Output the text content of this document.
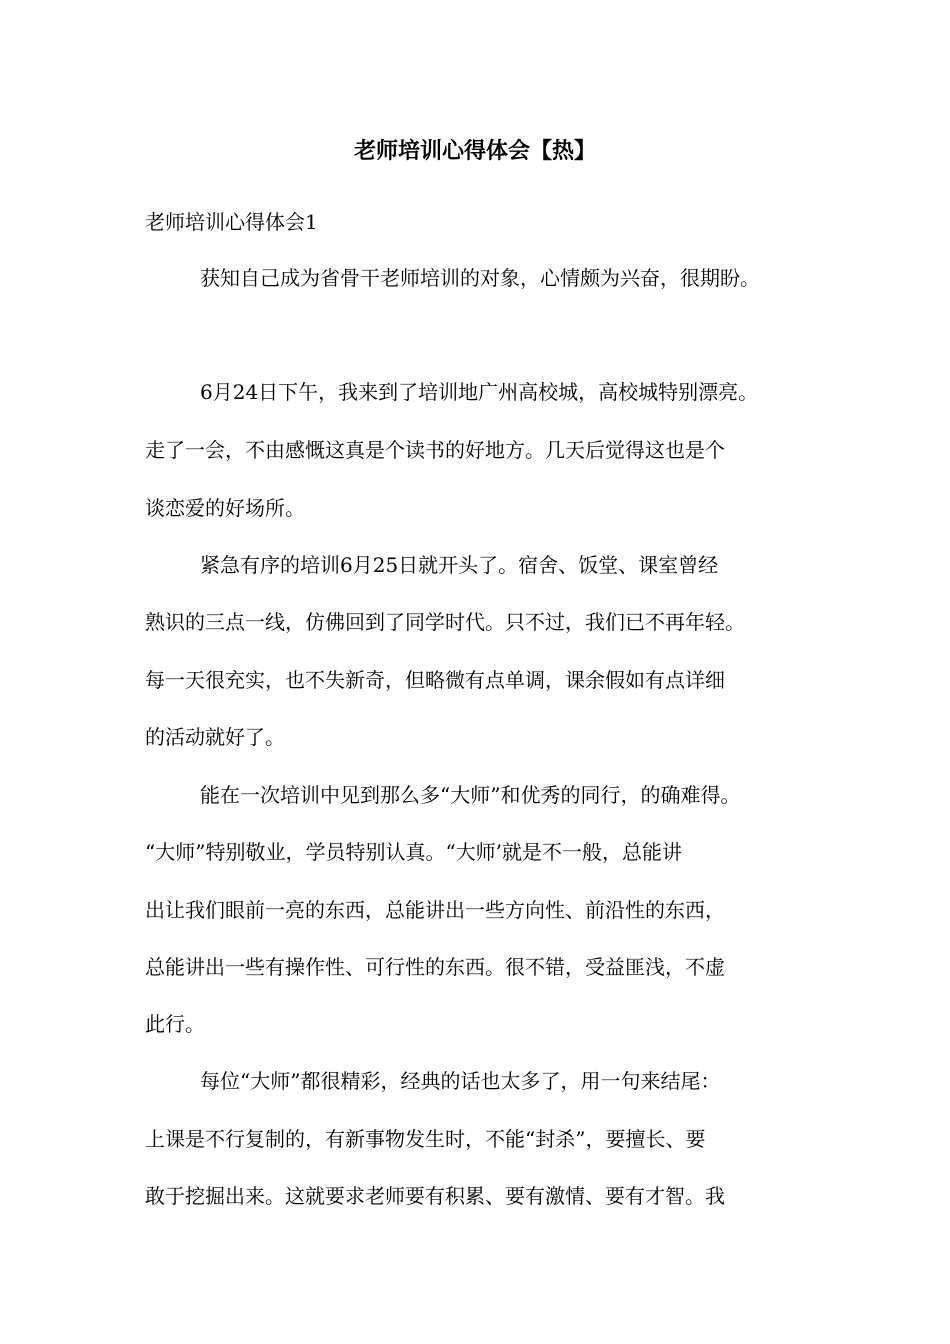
老师培训心得体会【热】
老师培训心得体会1
获知自己成为省骨干老师培训的对象，心情颇为兴奋，很期盼。
6月24日下午，我来到了培训地广州高校城，高校城特别漂亮。
走了一会，不由感慨这真是个读书的好地方。几天后觉得这也是个
谈恋爱的好场所。
紧急有序的培训6月25日就开头了。宿舍、饭堂、课室曾经
熟识的三点一线，仿佛回到了同学时代。只不过，我们已不再年轻。
每一天很充实，也不失新奇，但略微有点单调，课余假如有点详细
的活动就好了。
能在一次培训中见到那么多“大师”和优秀的同行，的确难得。
“大师”特别敬业，学员特别认真。“大师’就是不一般，总能讲
出让我们眼前一亮的东西，总能讲出一些方向性、前沿性的东西，
总能讲出一些有操作性、可行性的东西。很不错，受益匪浅，不虚
此行。
每位“大师”都很精彩，经典的话也太多了，用一句来结尾：
上课是不行复制的，有新事物发生时，不能“封杀”，要擅长、要
敢于挖掘出来。这就要求老师要有积累、要有激情、要有才智。我
